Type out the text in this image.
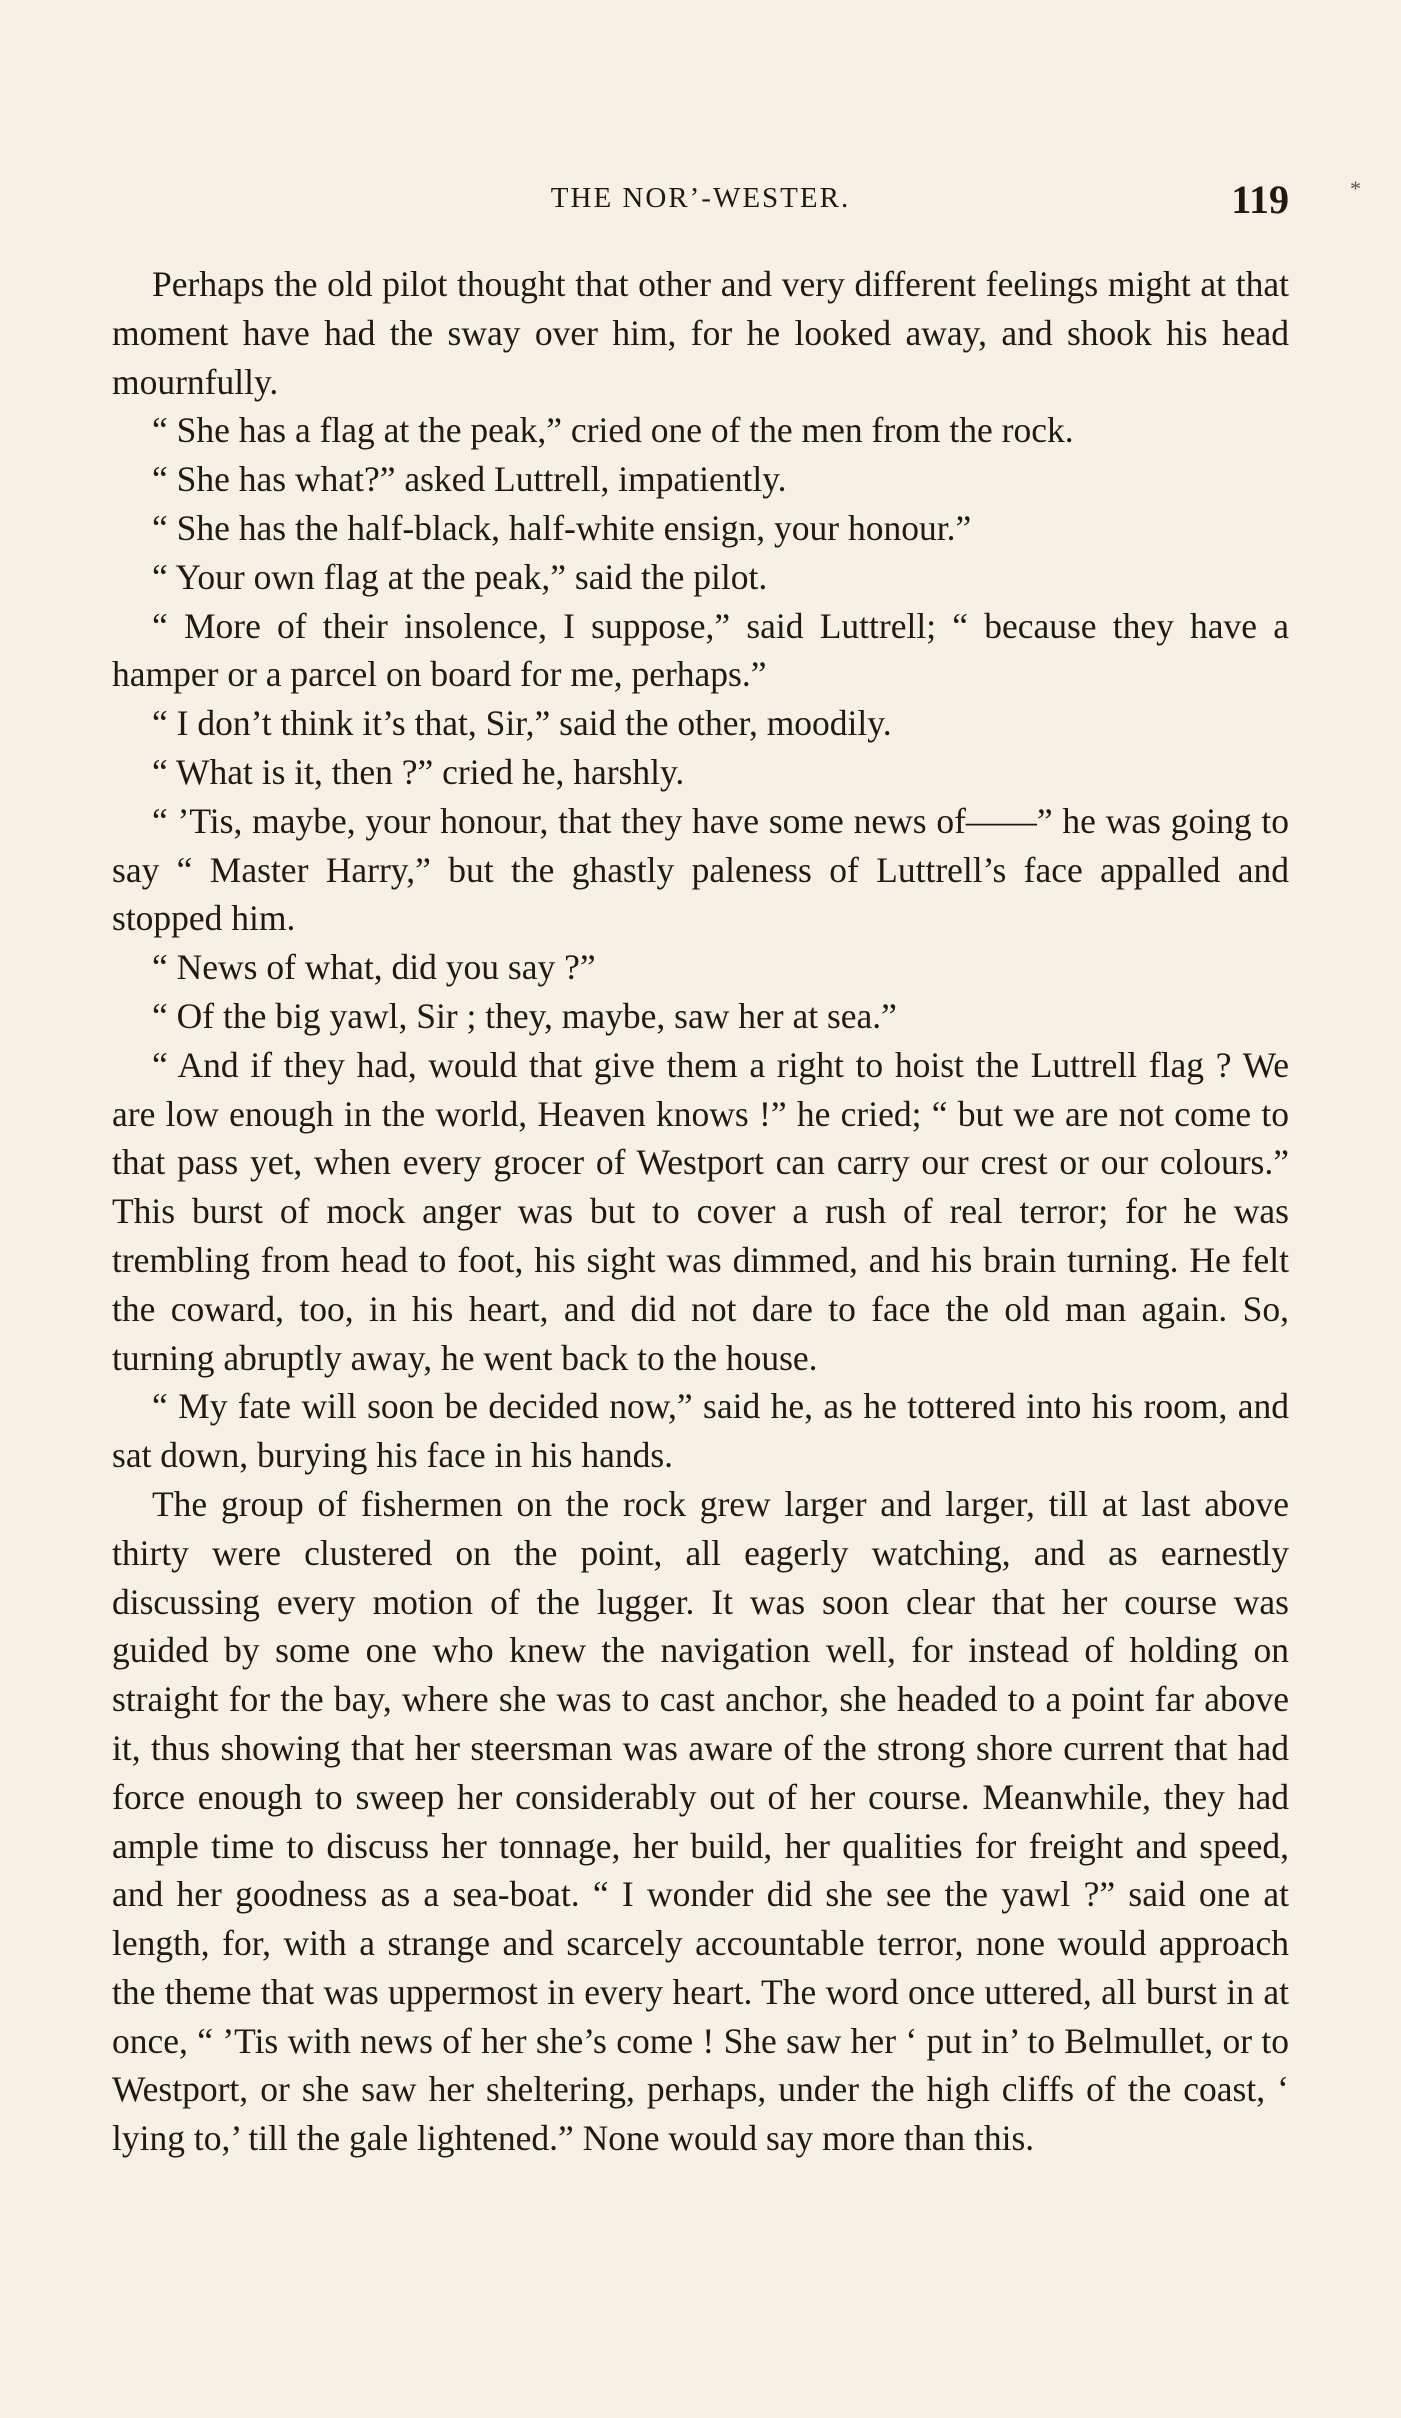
THE NOR’-WESTER.	119	*

Perhaps the old pilot thought that other and very different feelings might at that moment have had the sway over him, for he looked away, and shook his head mournfully.

“ She has a flag at the peak,” cried one of the men from the rock.

“ She has what?” asked Luttrell, impatiently.

“ She has the half-black, half-white ensign, your honour.”

“ Your own flag at the peak,” said the pilot.

“ More of their insolence, I suppose,” said Luttrell; “ because they have a hamper or a parcel on board for me, perhaps.”

“ I don’t think it’s that, Sir,” said the other, moodily.

“ What is it, then ?” cried he, harshly.

“ ’Tis, maybe, your honour, that they have some news of——” he was going to say “ Master Harry,” but the ghastly paleness of Luttrell’s face appalled and stopped him.

“ News of what, did you say ?”

“ Of the big yawl, Sir ; they, maybe, saw her at sea.”

“ And if they had, would that give them a right to hoist the Luttrell flag ? We are low enough in the world, Heaven knows !” he cried; “ but we are not come to that pass yet, when every grocer of Westport can carry our crest or our colours.” This burst of mock anger was but to cover a rush of real terror; for he was trembling from head to foot, his sight was dimmed, and his brain turning. He felt the coward, too, in his heart, and did not dare to face the old man again. So, turning abruptly away, he went back to the house.

“ My fate will soon be decided now,” said he, as he tottered into his room, and sat down, burying his face in his hands.

The group of fishermen on the rock grew larger and larger, till at last above thirty were clustered on the point, all eagerly watching, and as earnestly discussing every motion of the lugger. It was soon clear that her course was guided by some one who knew the navigation well, for instead of holding on straight for the bay, where she was to cast anchor, she headed to a point far above it, thus showing that her steersman was aware of the strong shore current that had force enough to sweep her considerably out of her course. Meanwhile, they had ample time to discuss her tonnage, her build, her qualities for freight and speed, and her goodness as a sea-boat. “ I wonder did she see the yawl ?” said one at length, for, with a strange and scarcely accountable terror, none would approach the theme that was uppermost in every heart. The word once uttered, all burst in at once, “ ’Tis with news of her she’s come ! She saw her ‘ put in’ to Belmullet, or to Westport, or she saw her sheltering, perhaps, under the high cliffs of the coast, ‘ lying to,’ till the gale lightened.” None would say more than this.
